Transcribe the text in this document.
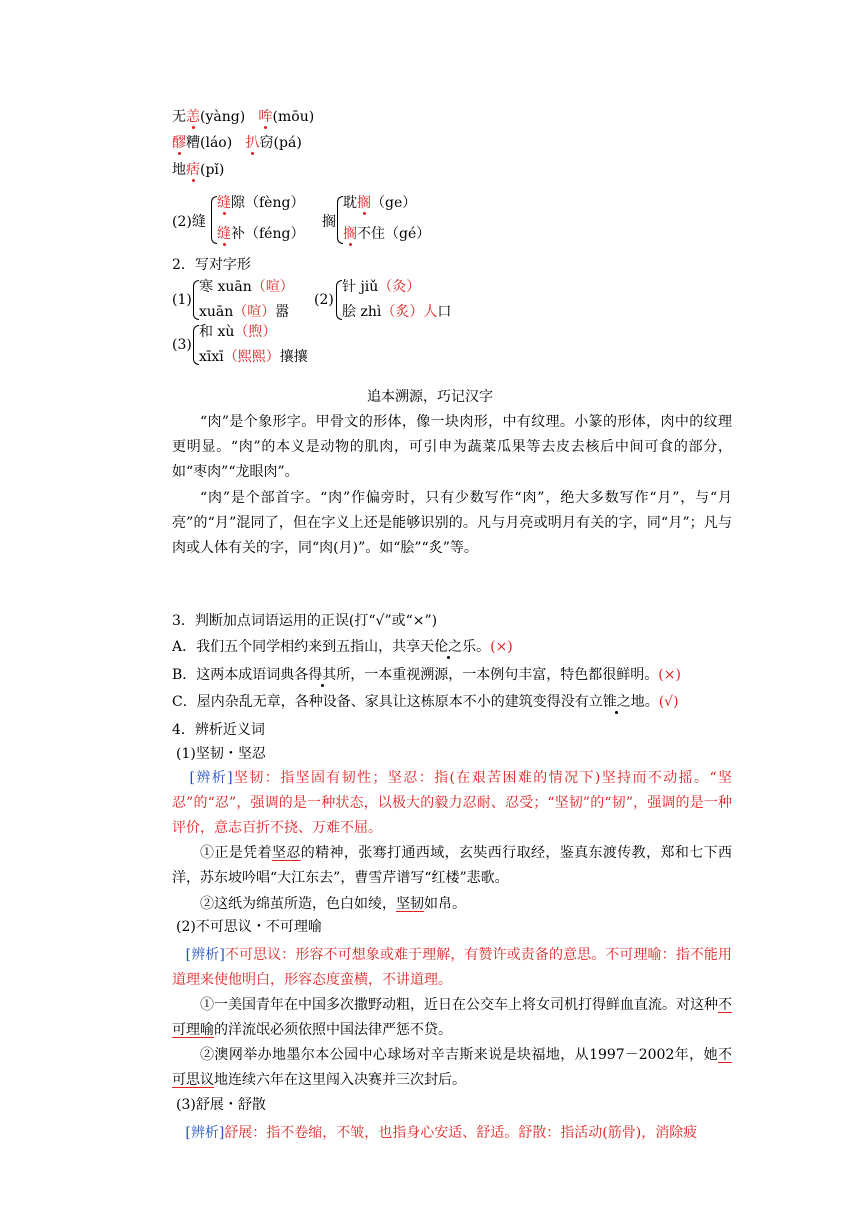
无恙(yàng) 哞(mōu)
醪糟(láo) 扒窃(pá)
地痞(pǐ)
(2)缝
缝隙（fèng）
缝补（féng）
搁
耽搁（ge）
搁不住（gé）
2．写对字形
(1)
寒 xuān（喧）
xuān（喧）嚣
(2)
针 jiǔ（灸）
脍 zhì（炙）人口
(3)
和 xù（煦）
xīxī（熙熙）攘攘
追本溯源，巧记汉字
“肉”是个象形字。甲骨文的形体，像一块肉形，中有纹理。小篆的形体，肉中的纹理更明显。“肉”的本义是动物的肌肉，可引申为蔬菜瓜果等去皮去核后中间可食的部分，如“枣肉”“龙眼肉”。
“肉”是个部首字。“肉”作偏旁时，只有少数写作“肉”，绝大多数写作“月”，与“月亮”的“月”混同了，但在字义上还是能够识别的。凡与月亮或明月有关的字，同“月”；凡与肉或人体有关的字，同“肉(月)”。如“脍”“炙”等。
3．判断加点词语运用的正误(打“√”或“×”)
A．我们五个同学相约来到五指山，共享天伦之乐。(×)
B．这两本成语词典各得其所，一本重视溯源，一本例句丰富，特色都很鲜明。(×)
C．屋内杂乱无章，各种设备、家具让这栋原本不小的建筑变得没有立锥之地。(√)
4．辨析近义词
(1)坚韧・坚忍
[辨析]坚韧：指坚固有韧性；坚忍：指(在艰苦困难的情况下)坚持而不动摇。“坚忍”的“忍”，强调的是一种状态，以极大的毅力忍耐、忍受；“坚韧”的“韧”，强调的是一种评价，意志百折不挠、万难不屈。
①正是凭着坚忍的精神，张骞打通西域，玄奘西行取经，鉴真东渡传教，郑和七下西洋，苏东坡吟唱“大江东去”，曹雪芹谱写“红楼”悲歌。
②这纸为绵茧所造，色白如绫，坚韧如帛。
(2)不可思议・不可理喻
[辨析]不可思议：形容不可想象或难于理解，有赞许或责备的意思。不可理喻：指不能用道理来使他明白，形容态度蛮横，不讲道理。
①一美国青年在中国多次撒野动粗，近日在公交车上将女司机打得鲜血直流。对这种不可理喻的洋流氓必须依照中国法律严惩不贷。
②澳网举办地墨尔本公园中心球场对辛吉斯来说是块福地，从1997－2002年，她不可思议地连续六年在这里闯入决赛并三次封后。
(3)舒展・舒散
[辨析]舒展：指不卷缩，不皱，也指身心安适、舒适。舒散：指活动(筋骨)，消除疲
